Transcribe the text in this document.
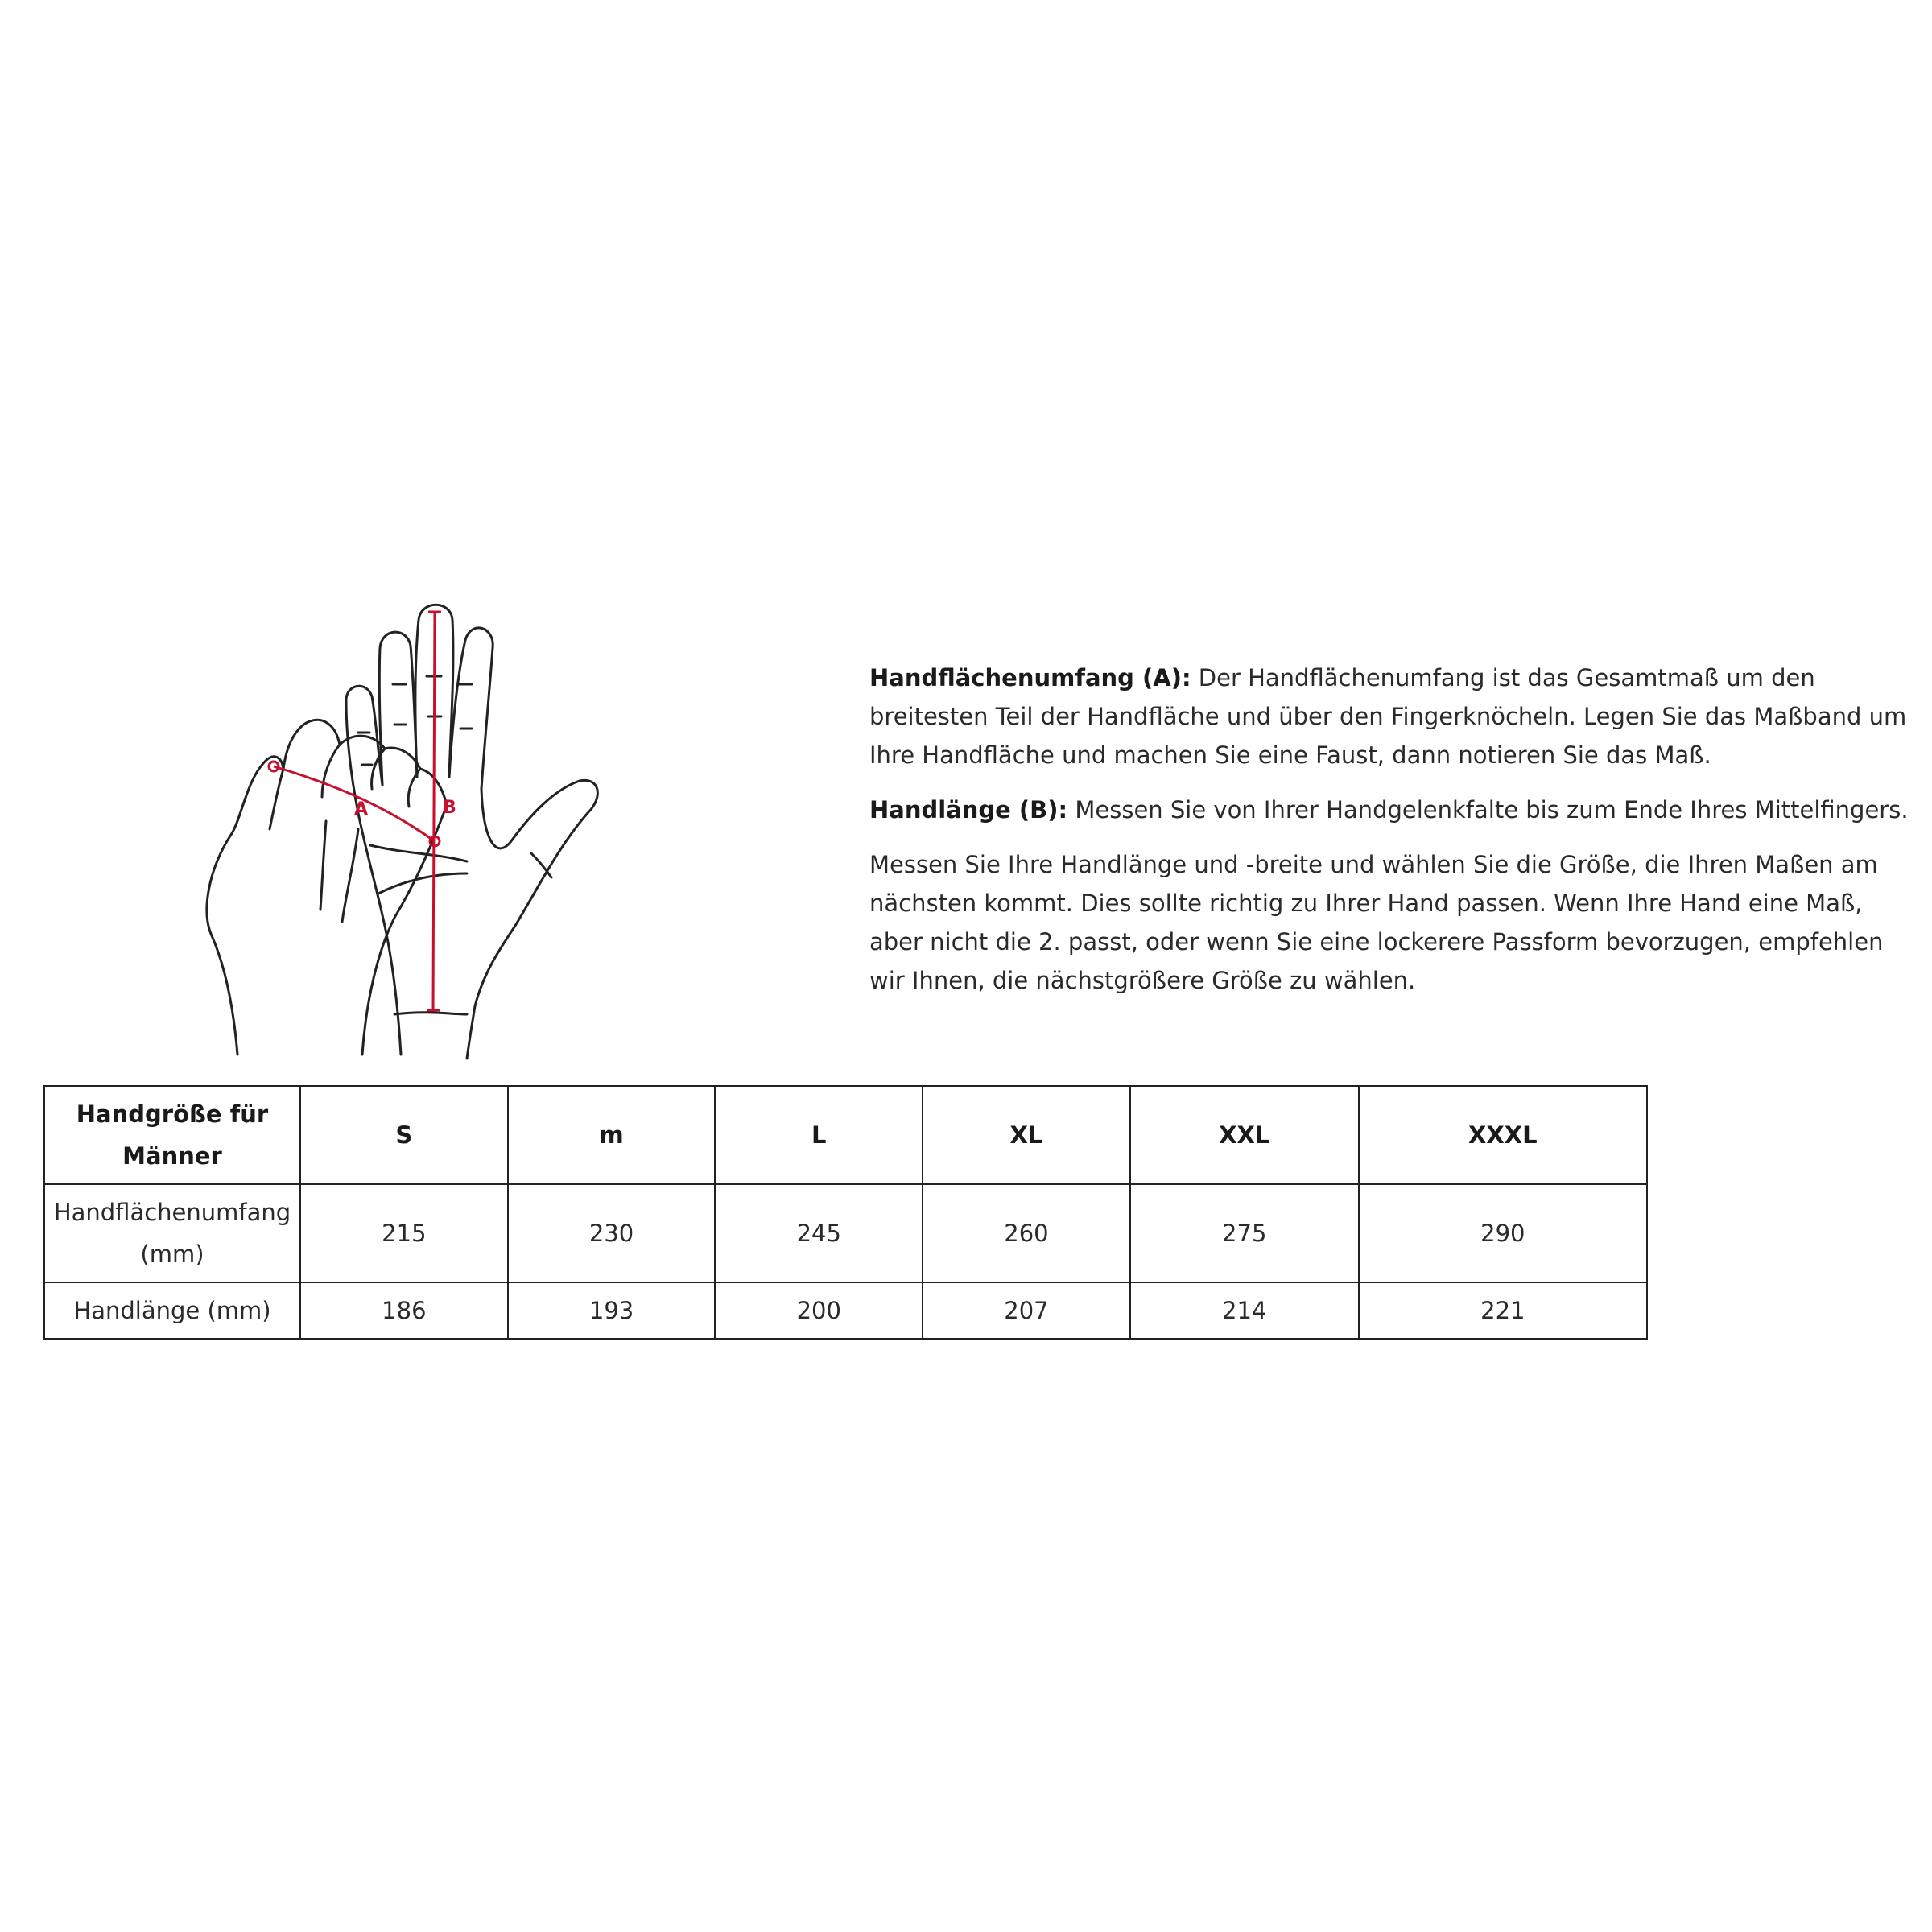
A	B

Handflächenumfang (A): Der Handflächenumfang ist das Gesamtmaß um den breitesten Teil der Handfläche und über den Fingerknöcheln. Legen Sie das Maßband um Ihre Handfläche und machen Sie eine Faust, dann notieren Sie das Maß.

Handlänge (B): Messen Sie von Ihrer Handgelenkfalte bis zum Ende Ihres Mittelfingers.

Messen Sie Ihre Handlänge und -breite und wählen Sie die Größe, die Ihren Maßen am nächsten kommt. Dies sollte richtig zu Ihrer Hand passen. Wenn Ihre Hand eine Maß, aber nicht die 2. passt, oder wenn Sie eine lockerere Passform bevorzugen, empfehlen wir Ihnen, die nächstgrößere Größe zu wählen.

Handgröße für Männer	S	m	L	XL	XXL	XXXL
Handflächenumfang (mm)	215	230	245	260	275	290
Handlänge (mm)	186	193	200	207	214	221
